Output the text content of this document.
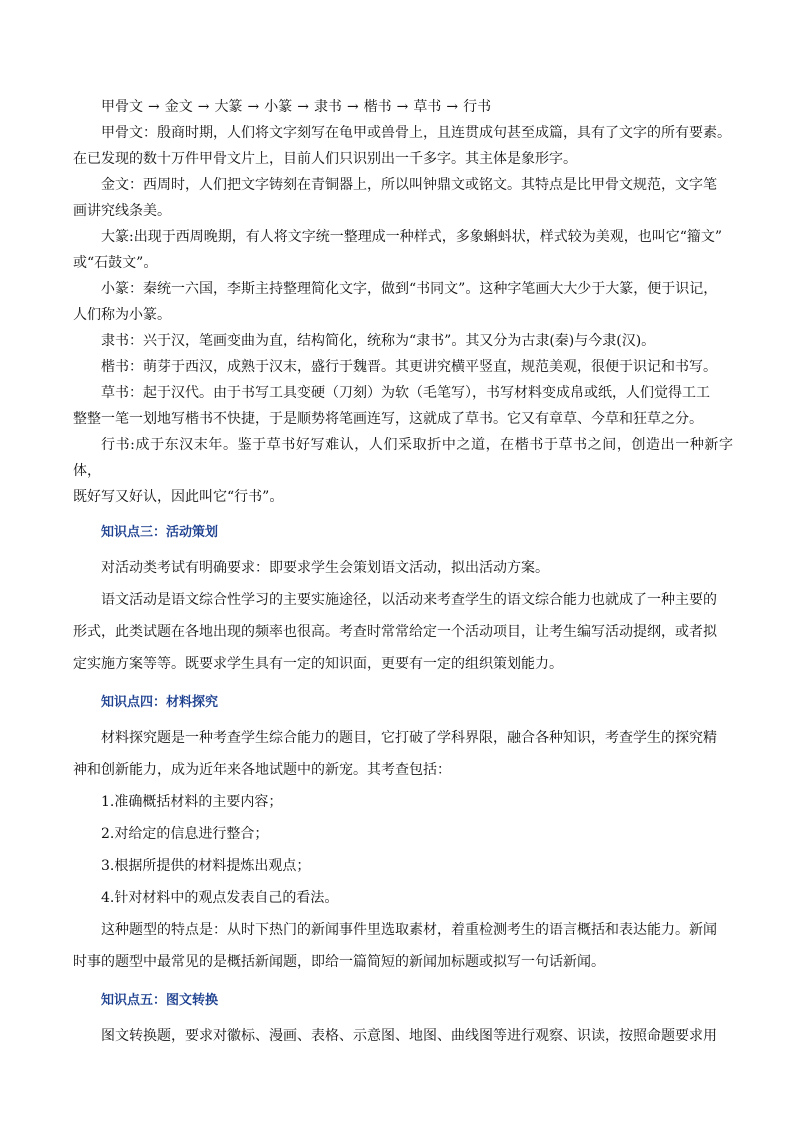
甲骨文 → 金文 → 大篆 → 小篆 → 隶书 → 楷书 → 草书 → 行书

甲骨文：殷商时期，人们将文字刻写在龟甲或兽骨上，且连贯成句甚至成篇，具有了文字的所有要素。
在已发现的数十万件甲骨文片上，目前人们只识别出一千多字。其主体是象形字。

金文：西周时，人们把文字铸刻在青铜器上，所以叫钟鼎文或铭文。其特点是比甲骨文规范，文字笔
画讲究线条美。

大篆:出现于西周晚期，有人将文字统一整理成一种样式，多象蝌蚪状，样式较为美观，也叫它“籀文”
或“石鼓文”。

小篆：秦统一六国，李斯主持整理简化文字，做到“书同文”。这种字笔画大大少于大篆，便于识记，
人们称为小篆。

隶书：兴于汉，笔画变曲为直，结构简化，统称为“隶书”。其又分为古隶(秦)与今隶(汉)。

楷书：萌芽于西汉，成熟于汉末，盛行于魏晋。其更讲究横平竖直，规范美观，很便于识记和书写。

草书：起于汉代。由于书写工具变硬（刀刻）为软（毛笔写），书写材料变成帛或纸，人们觉得工工
整整一笔一划地写楷书不快捷，于是顺势将笔画连写，这就成了草书。它又有章草、今草和狂草之分。

行书:成于东汉末年。鉴于草书好写难认，人们采取折中之道，在楷书于草书之间，创造出一种新字体，
既好写又好认，因此叫它“行书”。

知识点三：活动策划

对活动类考试有明确要求：即要求学生会策划语文活动，拟出活动方案。

语文活动是语文综合性学习的主要实施途径，以活动来考查学生的语文综合能力也就成了一种主要的
形式，此类试题在各地出现的频率也很高。考查时常常给定一个活动项目，让考生编写活动提纲，或者拟
定实施方案等等。既要求学生具有一定的知识面，更要有一定的组织策划能力。

知识点四：材料探究

材料探究题是一种考查学生综合能力的题目，它打破了学科界限，融合各种知识，考查学生的探究精
神和创新能力，成为近年来各地试题中的新宠。其考查包括：

1.准确概括材料的主要内容；

2.对给定的信息进行整合；

3.根据所提供的材料提炼出观点；

4.针对材料中的观点发表自己的看法。

这种题型的特点是：从时下热门的新闻事件里选取素材，着重检测考生的语言概括和表达能力。新闻
时事的题型中最常见的是概括新闻题，即给一篇简短的新闻加标题或拟写一句话新闻。

知识点五：图文转换

图文转换题，要求对徽标、漫画、表格、示意图、地图、曲线图等进行观察、识读，按照命题要求用
